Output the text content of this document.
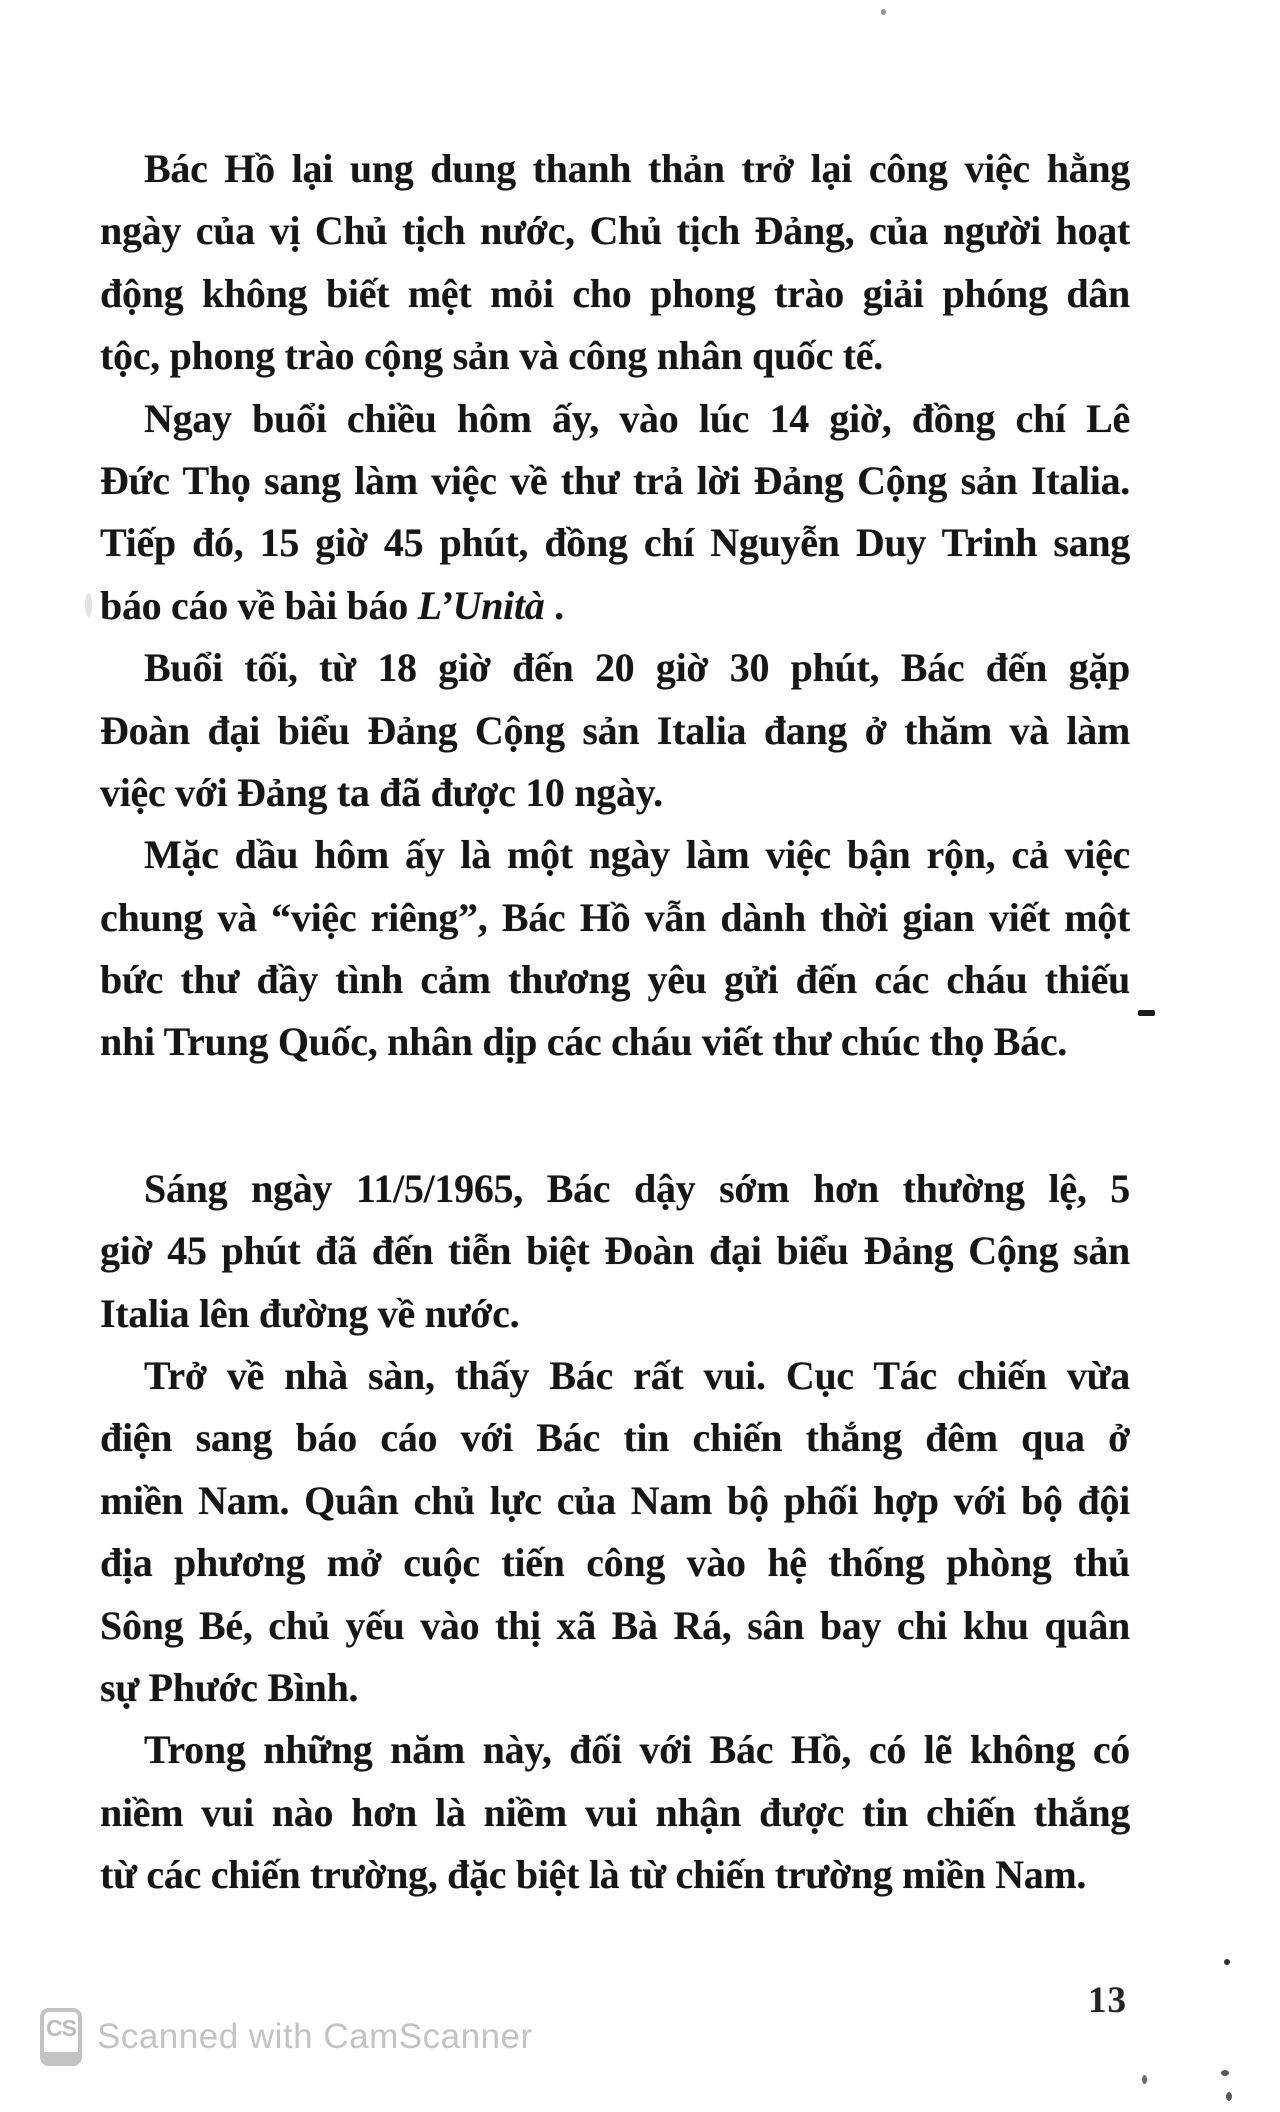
Bác Hồ lại ung dung thanh thản trở lại công việc hằng
ngày của vị Chủ tịch nước, Chủ tịch Đảng, của người hoạt
động không biết mệt mỏi cho phong trào giải phóng dân
tộc, phong trào cộng sản và công nhân quốc tế.
Ngay buổi chiều hôm ấy, vào lúc 14 giờ, đồng chí Lê
Đức Thọ sang làm việc về thư trả lời Đảng Cộng sản Italia.
Tiếp đó, 15 giờ 45 phút, đồng chí Nguyễn Duy Trinh sang
báo cáo về bài báo L’Unità .
Buổi tối, từ 18 giờ đến 20 giờ 30 phút, Bác đến gặp
Đoàn đại biểu Đảng Cộng sản Italia đang ở thăm và làm
việc với Đảng ta đã được 10 ngày.
Mặc dầu hôm ấy là một ngày làm việc bận rộn, cả việc
chung và “việc riêng”, Bác Hồ vẫn dành thời gian viết một
bức thư đầy tình cảm thương yêu gửi đến các cháu thiếu
nhi Trung Quốc, nhân dịp các cháu viết thư chúc thọ Bác.
Sáng ngày 11/5/1965, Bác dậy sớm hơn thường lệ, 5
giờ 45 phút đã đến tiễn biệt Đoàn đại biểu Đảng Cộng sản
Italia lên đường về nước.
Trở về nhà sàn, thấy Bác rất vui. Cục Tác chiến vừa
điện sang báo cáo với Bác tin chiến thắng đêm qua ở
miền Nam. Quân chủ lực của Nam bộ phối hợp với bộ đội
địa phương mở cuộc tiến công vào hệ thống phòng thủ
Sông Bé, chủ yếu vào thị xã Bà Rá, sân bay chi khu quân
sự Phước Bình.
Trong những năm này, đối với Bác Hồ, có lẽ không có
niềm vui nào hơn là niềm vui nhận được tin chiến thắng
từ các chiến trường, đặc biệt là từ chiến trường miền Nam.
13
CS Scanned with CamScanner
